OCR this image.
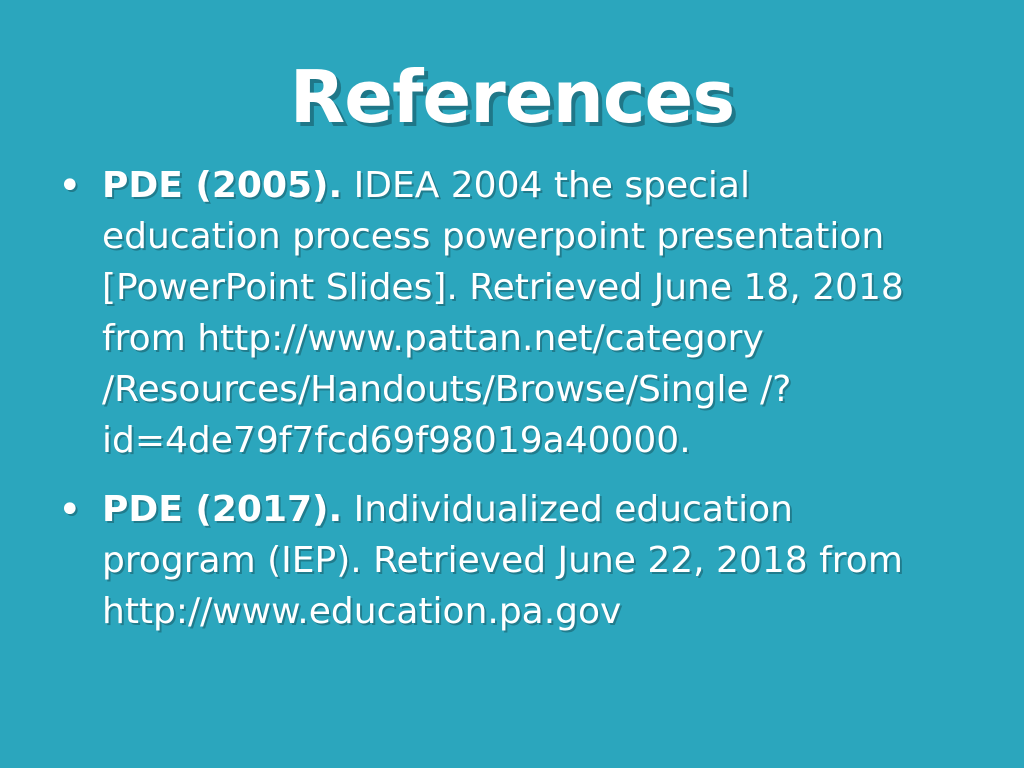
References
• PDE (2005). IDEA 2004 the special education process powerpoint presentation [PowerPoint Slides]. Retrieved June 18, 2018 from http://www.pattan.net/category /Resources/Handouts/Browse/Single /?id=4de79f7fcd69f98019a40000.
• PDE (2017). Individualized education program (IEP). Retrieved June 22, 2018 from http://www.education.pa.gov
